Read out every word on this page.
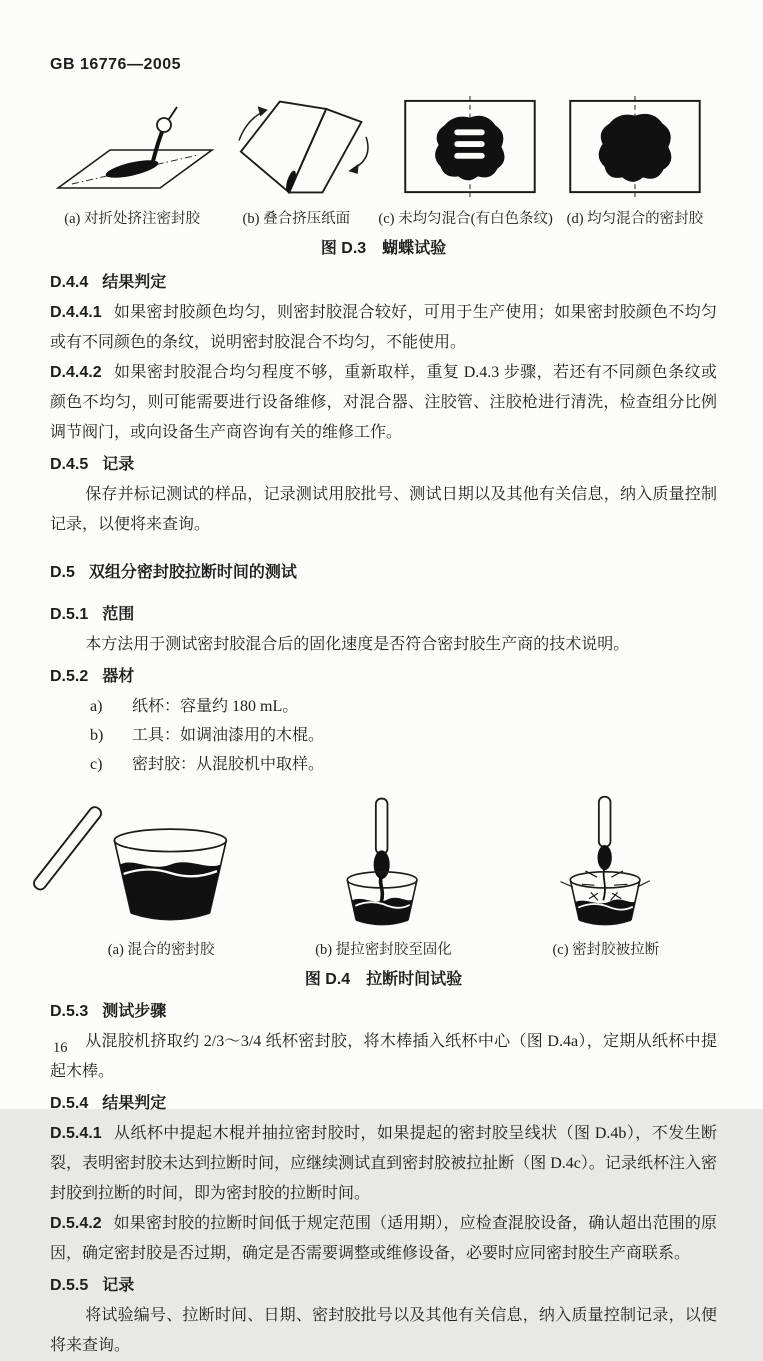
GB 16776—2005
(a) 对折处挤注密封胶	(b) 叠合挤压纸面	(c) 未均匀混合(有白色条纹) (d) 均匀混合的密封胶
图 D.3　蝴蝶试验
D.4.4 结果判定

D.4.4.1 如果密封胶颜色均匀，则密封胶混合较好，可用于生产使用；如果密封胶颜色不均匀或有不同颜色的条纹，说明密封胶混合不均匀，不能使用。

D.4.4.2 如果密封胶混合均匀程度不够，重新取样，重复 D.4.3 步骤，若还有不同颜色条纹或颜色不均匀，则可能需要进行设备维修，对混合器、注胶管、注胶枪进行清洗，检查组分比例调节阀门，或向设备生产商咨询有关的维修工作。

D.4.5 记录

保存并标记测试的样品，记录测试用胶批号、测试日期以及其他有关信息，纳入质量控制记录，以便将来查询。

D.5 双组分密封胶拉断时间的测试
D.5.1 范围

本方法用于测试密封胶混合后的固化速度是否符合密封胶生产商的技术说明。

D.5.2 器材
a) 纸杯：容量约 180 mL。
b) 工具：如调油漆用的木棍。
c) 密封胶：从混胶机中取样。
(a) 混合的密封胶	(b) 提拉密封胶至固化	(c) 密封胶被拉断
图 D.4　拉断时间试验
D.5.3 测试步骤

从混胶机挤取约 2/3～3/4 纸杯密封胶，将木棒插入纸杯中心（图 D.4a），定期从纸杯中提起木棒。

D.5.4 结果判定

D.5.4.1 从纸杯中提起木棍并抽拉密封胶时，如果提起的密封胶呈线状（图 D.4b），不发生断裂，表明密封胶未达到拉断时间，应继续测试直到密封胶被拉扯断（图 D.4c）。记录纸杯注入密封胶到拉断的时间，即为密封胶的拉断时间。

D.5.4.2 如果密封胶的拉断时间低于规定范围（适用期），应检查混胶设备，确认超出范围的原因，确定密封胶是否过期，确定是否需要调整或维修设备，必要时应同密封胶生产商联系。

D.5.5 记录

将试验编号、拉断时间、日期、密封胶批号以及其他有关信息，纳入质量控制记录，以便将来查询。

16
